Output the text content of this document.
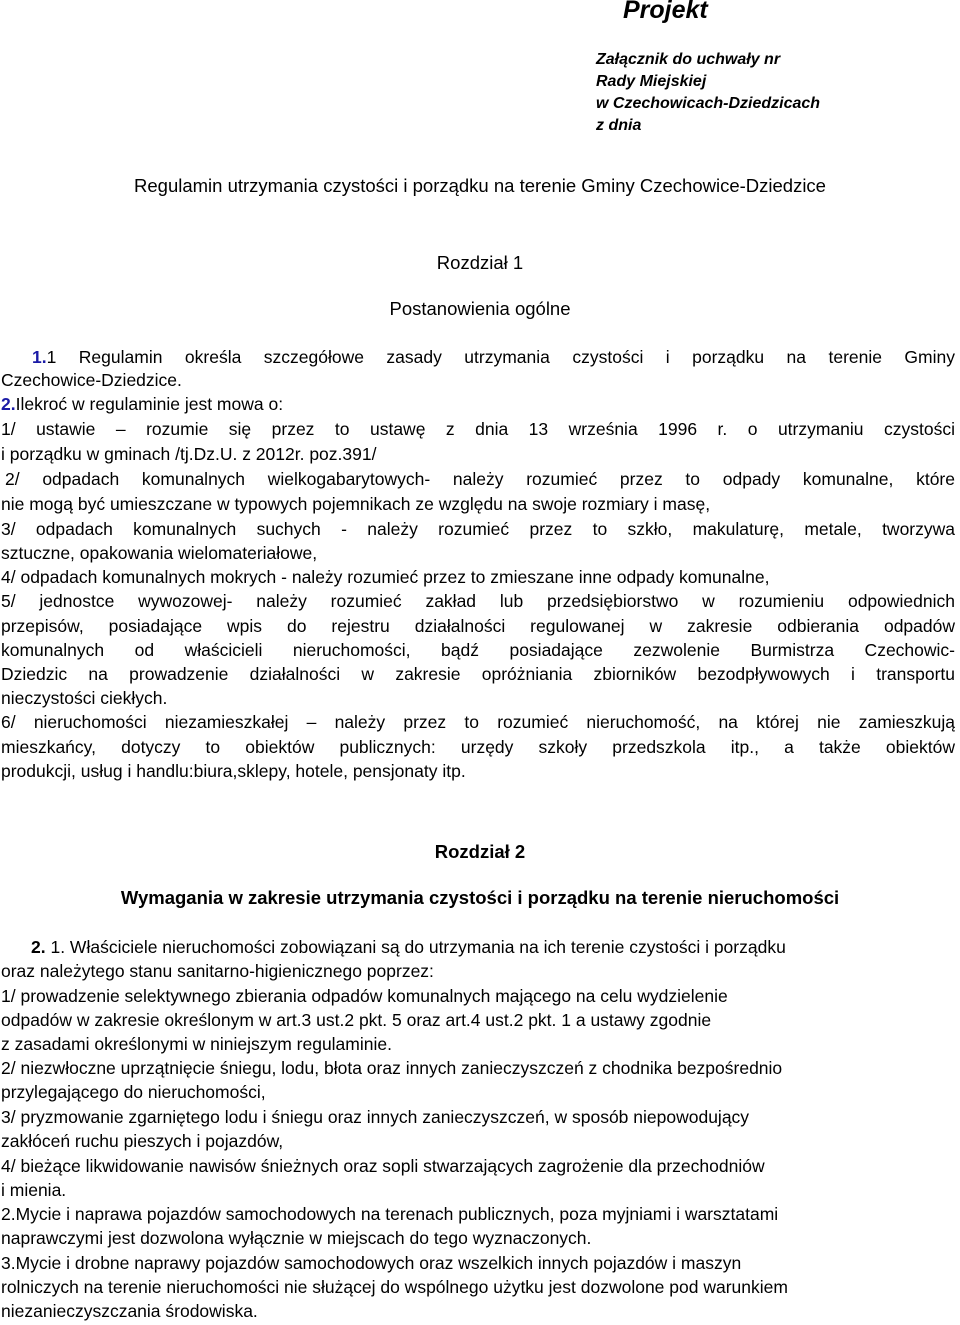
Projekt
Załącznik do uchwały nr
Rady Miejskiej
w Czechowicach-Dziedzicach
z dnia
Regulamin utrzymania czystości i porządku na terenie Gminy Czechowice-Dziedzice
Rozdział 1
Postanowienia ogólne
1.1 Regulamin określa szczegółowe zasady utrzymania czystości i porządku na terenie Gminy
Czechowice-Dziedzice.
2.Ilekroć w regulaminie jest mowa o:
1/ ustawie – rozumie się przez to ustawę z dnia 13 września 1996 r. o utrzymaniu czystości
i porządku w gminach /tj.Dz.U. z 2012r. poz.391/
2/ odpadach komunalnych wielkogabarytowych- należy rozumieć przez to odpady komunalne, które
nie mogą być umieszczane w typowych pojemnikach ze względu na swoje rozmiary i masę,
3/ odpadach komunalnych suchych - należy rozumieć przez to szkło, makulaturę, metale, tworzywa
sztuczne, opakowania wielomateriałowe,
4/ odpadach komunalnych mokrych - należy rozumieć przez to zmieszane inne odpady komunalne,
5/ jednostce wywozowej- należy rozumieć zakład lub przedsiębiorstwo w rozumieniu odpowiednich
przepisów, posiadające wpis do rejestru działalności regulowanej w zakresie odbierania odpadów
komunalnych od właścicieli nieruchomości, bądź posiadające zezwolenie Burmistrza Czechowic-
Dziedzic na prowadzenie działalności w zakresie opróżniania zbiorników bezodpływowych i transportu
nieczystości ciekłych.
6/ nieruchomości niezamieszkałej – należy przez to rozumieć nieruchomość, na której nie zamieszkują
mieszkańcy, dotyczy to obiektów publicznych: urzędy szkoły przedszkola itp., a także obiektów
produkcji, usług i handlu:biura,sklepy, hotele, pensjonaty itp.
Rozdział 2
Wymagania w zakresie utrzymania czystości i porządku na terenie nieruchomości
2. 1. Właściciele nieruchomości zobowiązani są do utrzymania na ich terenie czystości i porządku
oraz należytego stanu sanitarno-higienicznego poprzez:
1/ prowadzenie selektywnego zbierania odpadów komunalnych mającego na celu wydzielenie
odpadów w zakresie określonym w art.3 ust.2 pkt. 5 oraz art.4 ust.2 pkt. 1 a ustawy zgodnie
z zasadami określonymi w niniejszym regulaminie.
2/ niezwłoczne uprzątnięcie śniegu, lodu, błota oraz innych zanieczyszczeń z chodnika bezpośrednio
przylegającego do nieruchomości,
3/ pryzmowanie zgarniętego lodu i śniegu oraz innych zanieczyszczeń, w sposób niepowodujący
zakłóceń ruchu pieszych i pojazdów,
4/ bieżące likwidowanie nawisów śnieżnych oraz sopli stwarzających zagrożenie dla przechodniów
i mienia.
2.Mycie i naprawa pojazdów samochodowych na terenach publicznych, poza myjniami i warsztatami
naprawczymi jest dozwolona wyłącznie w miejscach do tego wyznaczonych.
3.Mycie i drobne naprawy pojazdów samochodowych oraz wszelkich innych pojazdów i maszyn
rolniczych na terenie nieruchomości nie służącej do wspólnego użytku jest dozwolone pod warunkiem
niezanieczyszczania środowiska.
